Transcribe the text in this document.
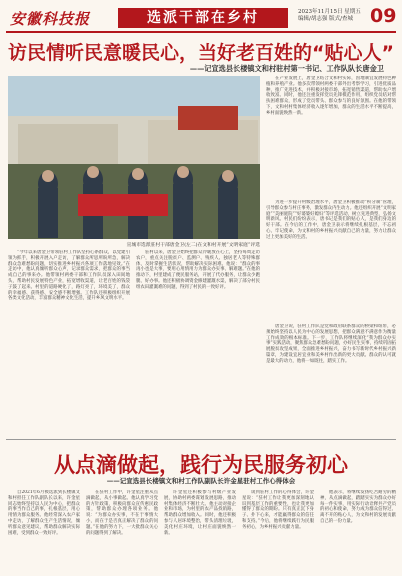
安徽科技报	选派干部在乡村	2023年11月15日 星期五
编辑/胡志强 版式/查城 09
访民情听民意暖民心，当好老百姓的“贴心人”
——记宣选县长楼镇文和村驻村第一书记、工作队队长唐金卫
宣城市选派驻村干部唐金卫(左二)在文和村开展“文明家庭”评选

“今年以来唐金卫带领驻村工作队坚持心系群众，以党建引领为抓手，积极开展入户走访，了解群众所思所盼所急，解决群众急难愁盼问题，切实推进乡村振兴各项工作落地见效。”在走访中，他认真倾听群众心声，记录群众需求，把群众的事当成自己的事来办。他带领村两委干部和工作队员深入田间地头，帮助村民发展特色产业，拓宽增收渠道，让老百姓的钱袋子鼓了起来。村里的道路硬化了，路灯亮了，环境美了，群众的幸福感、获得感、安全感不断增强。工作队还积极组织开展各类文化活动，丰富群众精神文化生活，提升乡风文明水平。

驻村以来，唐金卫始终把群众冷暖放在心上，坚持每周走访农户，重点关注脱贫户、监测户、残疾人、独居老人等特殊群体，及时掌握生活状况，帮助解决实际困难。他说：“群众的事再小也是大事，要用心用情用力为群众办实事、解难题。”在他的推动下，村里建成了便民服务站，开展了代办服务，让群众少跑腿、好办事。他还积极协调资金修建灌溉水渠，解决了部分村民组农田灌溉难的问题，得到了村民的一致好评。

在产业发展上，唐金卫结合文和村实际，因地制宜发展特色种植和养殖产业。他多次带领村两委干部外出考察学习，引进优质品种，推广先进技术，并积极对接市场，拓宽销售渠道，帮助农户增收致富。同时，他还注重发挥党员先锋模范作用，组织党员结对帮扶困难群众，形成了党员带头、群众参与的良好氛围。在他的带领下，文和村村集体经济收入逐年增加，群众的生活水平不断提高，乡村面貌焕然一新。

为进一步提升村级治理水平，唐金卫积极推动“积分制”管理，引导群众参与村庄事务，激发群众内生动力。他还组织开展“文明家庭”“美丽庭院”“好婆婆好媳妇”等评选活动，树立先进典型，弘扬文明新风。村民们纷纷表示，唐书记是我们的贴心人，是我们身边的好干部。在今后的工作中，唐金卫表示将继续扎根基层，不忘初心、牢记使命，为文和村的乡村振兴贡献自己的力量，努力让群众过上更加美好的生活。

唐金卫说，驻村工作队是党和政府联系群众的桥梁和纽带，必须始终坚持以人民为中心的发展思想，把群众满意不满意作为衡量工作成效的根本标准。下一步，工作队将继续深化“我为群众办实事”实践活动，聚焦群众急难愁盼问题，办好民生实事，持续巩固拓展脱贫攻坚成果，全面推进乡村振兴，奋力书写新时代乡村振兴新篇章，为建设宜居宜业和美乡村作出新的更大贡献。群众的认可就是最大的动力，他将一如既往，踏实工作。

从点滴做起，践行为民服务初心
——记宣选县长楼镇文和村工作队副队长许金星驻村工作心得体会

自2021年6月被选派到长楼镇文和村担任工作队副队长以来，许金星同志始终坚持以人民为中心，把群众的事当作自己的事，扎根基层，用心用情为群众服务。他经常深入农户家中走访，了解群众生产生活情况，倾听群众意见建议，帮助群众解决实际困难，受到群众一致好评。

在驻村工作中，许金星注重从点滴做起，从小事做起。他认真学习党的方针政策，积极向群众宣传惠民政策，帮助群众办理各项业务。他说：“为群众办实事，不在于事情大小，而在于是否真正解决了群众的问题。”在他的努力下，一大批群众关心的问题得到了解决。

许金星还积极参与村级产业发展，协助村两委谋划发展思路，推动村集体经济不断壮大。他主动对接企业和市场，为村里的农产品找销路，帮助群众增加收入。同时，他还积极参与人居环境整治，带头清理垃圾，美化村庄环境，让村庄面貌焕然一新。

谈到驻村工作的心得体会，许金星说：“驻村工作让我更加深刻地认识到基层工作的重要性，也让我更加懂得了群众的期盼。只有真正沉下身子、扑下心来，才能赢得群众的信任和支持。”今后，他将继续践行为民服务初心，为乡村振兴贡献力量。

他表示，将继续发扬吃苦耐劳的精神，从点滴做起，踏踏实实为群众办好每一件实事，用实际行动诠释共产党员的初心和使命，努力成为群众信得过、离不开的贴心人，为文和村的发展贡献自己的一份力量。
